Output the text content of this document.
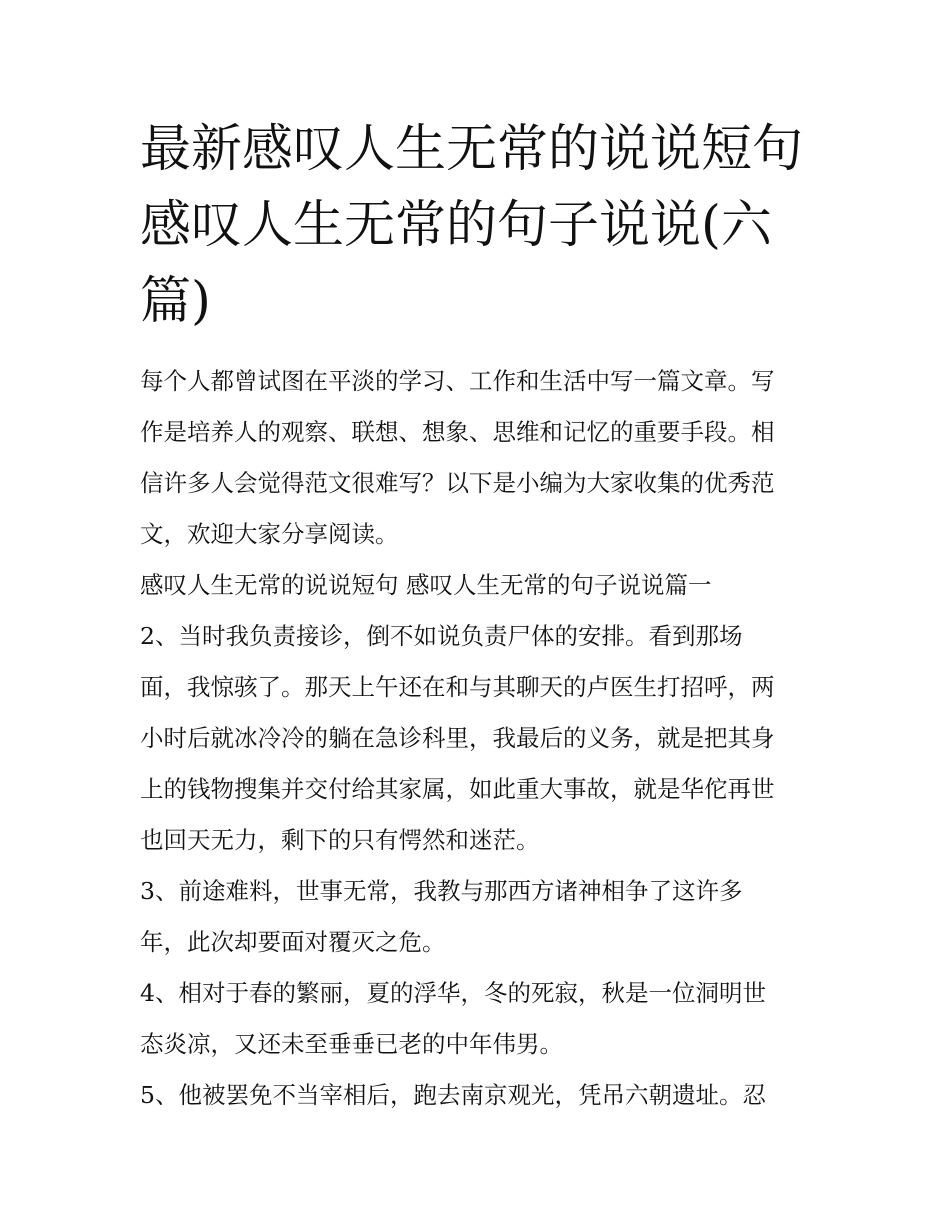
最新感叹人生无常的说说短句
感叹人生无常的句子说说(六
篇)

每个人都曾试图在平淡的学习、工作和生活中写一篇文章。写
作是培养人的观察、联想、想象、思维和记忆的重要手段。相
信许多人会觉得范文很难写？以下是小编为大家收集的优秀范
文，欢迎大家分享阅读。

感叹人生无常的说说短句 感叹人生无常的句子说说篇一

2、当时我负责接诊，倒不如说负责尸体的安排。看到那场
面，我惊骇了。那天上午还在和与其聊天的卢医生打招呼，两
小时后就冰冷冷的躺在急诊科里，我最后的义务，就是把其身
上的钱物搜集并交付给其家属，如此重大事故，就是华佗再世
也回天无力，剩下的只有愕然和迷茫。

3、前途难料，世事无常，我教与那西方诸神相争了这许多
年，此次却要面对覆灭之危。

4、相对于春的繁丽，夏的浮华，冬的死寂，秋是一位洞明世
态炎凉，又还未至垂垂已老的中年伟男。

5、他被罢免不当宰相后，跑去南京观光，凭吊六朝遗址。忍
